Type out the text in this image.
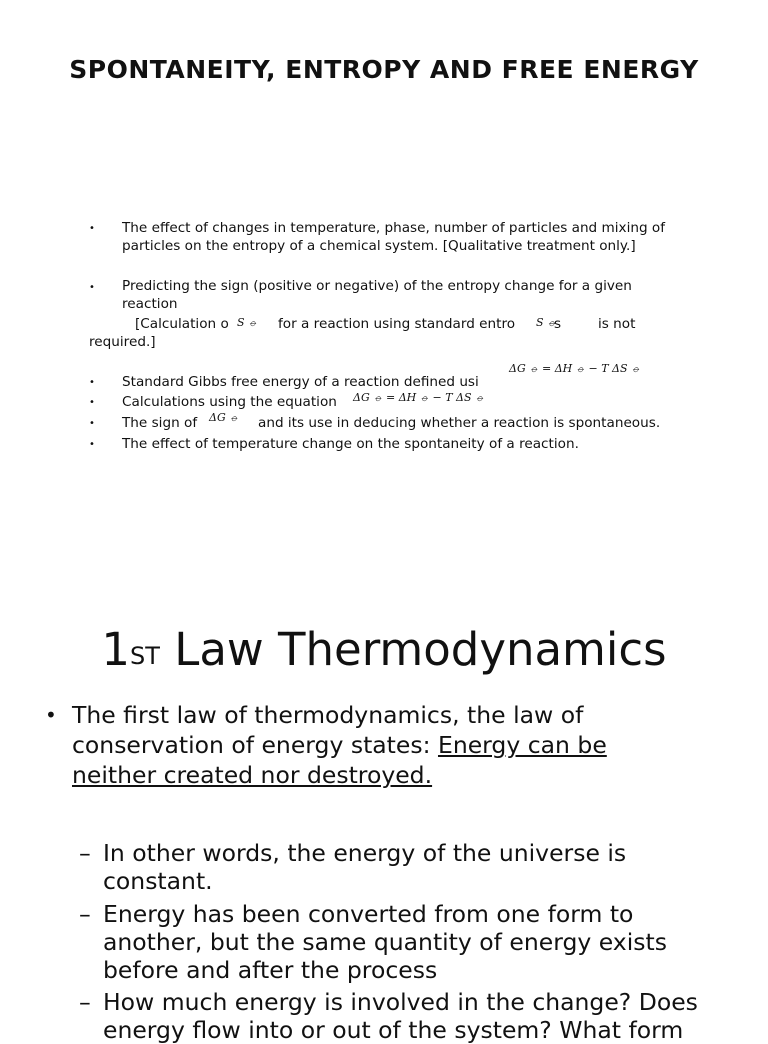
SPONTANEITY, ENTROPY AND FREE ENERGY
• The effect of changes in temperature, phase, number of particles and mixing of particles on the entropy of a chemical system. [Qualitative treatment only.]
• Predicting the sign (positive or negative) of the entropy change for a given reaction
[Calculation o S ⦵ for a reaction using standard entro S ⦵
s	is not
required.]
ΔG ⦵ = ΔH ⦵ − T ΔS ⦵
• Standard Gibbs free energy of a reaction defined usi
• Calculations using the equation ΔG ⦵ = ΔH ⦵ − T ΔS ⦵
• The sign of ΔG ⦵ and its use in deducing whether a reaction is spontaneous.
• The effect of temperature change on the spontaneity of a reaction.
1ST Law Thermodynamics
• The first law of thermodynamics, the law of conservation of energy states: Energy can be neither created nor destroyed.
– In other words, the energy of the universe is constant.
– Energy has been converted from one form to another, but the same quantity of energy exists before and after the process
– How much energy is involved in the change? Does energy flow into or out of the system? What form
